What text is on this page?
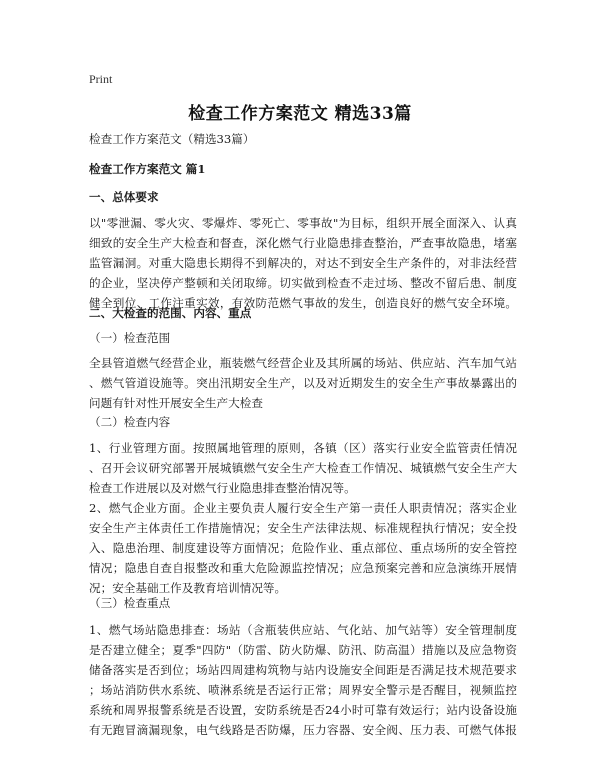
Print
检查工作方案范文 精选33篇
检查工作方案范文（精选33篇）
检查工作方案范文 篇1
一、总体要求
以"零泄漏、零火灾、零爆炸、零死亡、零事故"为目标，组织开展全面深入、认真
细致的安全生产大检查和督查，深化燃气行业隐患排查整治，严查事故隐患，堵塞
监管漏洞。对重大隐患长期得不到解决的，对达不到安全生产条件的，对非法经营
的企业，坚决停产整顿和关闭取缔。切实做到检查不走过场、整改不留后患、制度
健全到位、工作注重实效，有效防范燃气事故的发生，创造良好的燃气安全环境。
二、大检查的范围、内容、重点
（一）检查范围
全县管道燃气经营企业，瓶装燃气经营企业及其所属的场站、供应站、汽车加气站
、燃气管道设施等。突出汛期安全生产，以及对近期发生的安全生产事故暴露出的
问题有针对性开展安全生产大检查
（二）检查内容
1、行业管理方面。按照属地管理的原则，各镇（区）落实行业安全监管责任情况
、召开会议研究部署开展城镇燃气安全生产大检查工作情况、城镇燃气安全生产大
检查工作进展以及对燃气行业隐患排查整治情况等。
2、燃气企业方面。企业主要负责人履行安全生产第一责任人职责情况；落实企业
安全生产主体责任工作措施情况；安全生产法律法规、标准规程执行情况；安全投
入、隐患治理、制度建设等方面情况；危险作业、重点部位、重点场所的安全管控
情况；隐患自查自报整改和重大危险源监控情况；应急预案完善和应急演练开展情
况；安全基础工作及教育培训情况等。
（三）检查重点
1、燃气场站隐患排查：场站（含瓶装供应站、气化站、加气站等）安全管理制度
是否建立健全；夏季"四防"（防雷、防火防爆、防汛、防高温）措施以及应急物资
储备落实是否到位；场站四周建构筑物与站内设施安全间距是否满足技术规范要求
；场站消防供水系统、喷淋系统是否运行正常；周界安全警示是否醒目，视频监控
系统和周界报警系统是否设置，安防系统是否24小时可靠有效运行；站内设备设施
有无跑冒滴漏现象，电气线路是否防爆，压力容器、安全阀、压力表、可燃气体报
